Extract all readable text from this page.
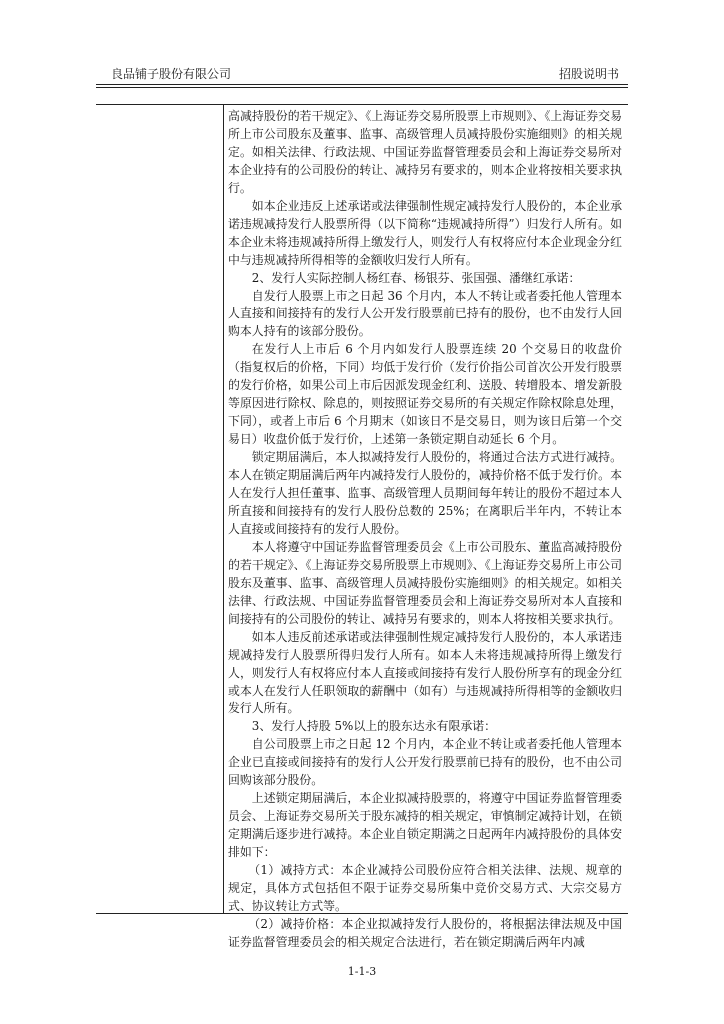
良品铺子股份有限公司	招股说明书

高减持股份的若干规定》、《上海证券交易所股票上市规则》、《上海证券交易所上市公司股东及董事、监事、高级管理人员减持股份实施细则》的相关规定。如相关法律、行政法规、中国证券监督管理委员会和上海证券交易所对本企业持有的公司股份的转让、减持另有要求的，则本企业将按相关要求执行。

如本企业违反上述承诺或法律强制性规定减持发行人股份的，本企业承诺违规减持发行人股票所得（以下简称“违规减持所得”）归发行人所有。如本企业未将违规减持所得上缴发行人，则发行人有权将应付本企业现金分红中与违规减持所得相等的金额收归发行人所有。

2、发行人实际控制人杨红春、杨银芬、张国强、潘继红承诺：

自发行人股票上市之日起 36 个月内，本人不转让或者委托他人管理本人直接和间接持有的发行人公开发行股票前已持有的股份，也不由发行人回购本人持有的该部分股份。

在发行人上市后 6 个月内如发行人股票连续 20 个交易日的收盘价（指复权后的价格，下同）均低于发行价（发行价指公司首次公开发行股票的发行价格，如果公司上市后因派发现金红利、送股、转增股本、增发新股等原因进行除权、除息的，则按照证券交易所的有关规定作除权除息处理，下同），或者上市后 6 个月期末（如该日不是交易日，则为该日后第一个交易日）收盘价低于发行价，上述第一条锁定期自动延长 6 个月。

锁定期届满后，本人拟减持发行人股份的，将通过合法方式进行减持。本人在锁定期届满后两年内减持发行人股份的，减持价格不低于发行价。本人在发行人担任董事、监事、高级管理人员期间每年转让的股份不超过本人所直接和间接持有的发行人股份总数的 25%；在离职后半年内，不转让本人直接或间接持有的发行人股份。

本人将遵守中国证券监督管理委员会《上市公司股东、董监高减持股份的若干规定》、《上海证券交易所股票上市规则》、《上海证券交易所上市公司股东及董事、监事、高级管理人员减持股份实施细则》的相关规定。如相关法律、行政法规、中国证券监督管理委员会和上海证券交易所对本人直接和间接持有的公司股份的转让、减持另有要求的，则本人将按相关要求执行。

如本人违反前述承诺或法律强制性规定减持发行人股份的，本人承诺违规减持发行人股票所得归发行人所有。如本人未将违规减持所得上缴发行人，则发行人有权将应付本人直接或间接持有发行人股份所享有的现金分红或本人在发行人任职领取的薪酬中（如有）与违规减持所得相等的金额收归发行人所有。

3、发行人持股 5%以上的股东达永有限承诺：

自公司股票上市之日起 12 个月内，本企业不转让或者委托他人管理本企业已直接或间接持有的发行人公开发行股票前已持有的股份，也不由公司回购该部分股份。

上述锁定期届满后，本企业拟减持股票的，将遵守中国证券监督管理委员会、上海证券交易所关于股东减持的相关规定，审慎制定减持计划，在锁定期满后逐步进行减持。本企业自锁定期满之日起两年内减持股份的具体安排如下：

（1）减持方式：本企业减持公司股份应符合相关法律、法规、规章的规定，具体方式包括但不限于证券交易所集中竞价交易方式、大宗交易方式、协议转让方式等。

（2）减持价格：本企业拟减持发行人股份的，将根据法律法规及中国证券监督管理委员会的相关规定合法进行，若在锁定期满后两年内减

1-1-3
